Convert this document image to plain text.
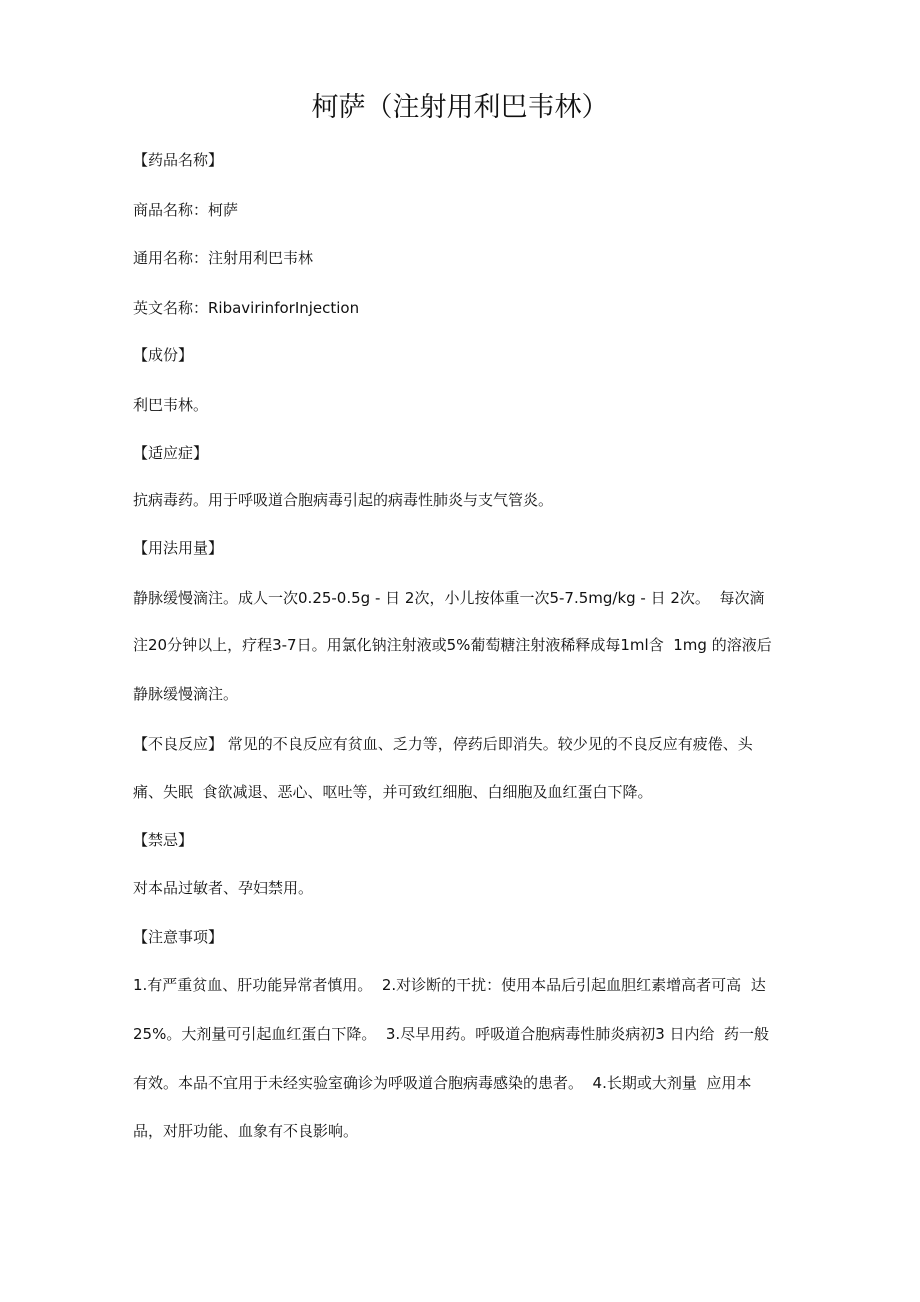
柯萨（注射用利巴韦林）
【药品名称】
商品名称：柯萨
通用名称：注射用利巴韦林
英文名称：RibavirinforInjection
【成份】
利巴韦林。
【适应症】
抗病毒药。用于呼吸道合胞病毒引起的病毒性肺炎与支气管炎。
【用法用量】
静脉缓慢滴注。成人一次0.25-0.5g - 日 2次，小儿按体重一次5-7.5mg/kg - 日 2次。  每次滴
注20分钟以上，疗程3-7日。用氯化钠注射液或5%葡萄糖注射液稀释成每1ml含  1mg 的溶液后
静脉缓慢滴注。
【不良反应】 常见的不良反应有贫血、乏力等，停药后即消失。较少见的不良反应有疲倦、头
痛、失眠  食欲减退、恶心、呕吐等，并可致红细胞、白细胞及血红蛋白下降。
【禁忌】
对本品过敏者、孕妇禁用。
【注意事项】
1.有严重贫血、肝功能异常者慎用。  2.对诊断的干扰：使用本品后引起血胆红素增高者可高  达
25%。大剂量可引起血红蛋白下降。  3.尽早用药。呼吸道合胞病毒性肺炎病初3 日内给  药一般
有效。本品不宜用于未经实验室确诊为呼吸道合胞病毒感染的患者。  4.长期或大剂量  应用本
品，对肝功能、血象有不良影响。
